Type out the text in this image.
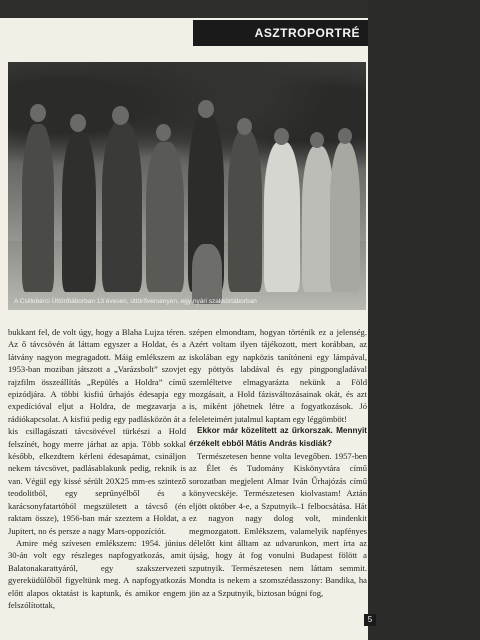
ASZTROPORTRÉ
A Csillebérci Úttörőtáborban 13 évesen, úttörőversenyen, egy nyári szakkörtáborban

bukkant fel, de volt úgy, hogy a Blaha Lujza téren. Az ő távcsövén át láttam egyszer a Holdat, és a látvány nagyon megragadott. Máig emlékszem az 1953-ban moziban játszott a „Varázsbolt” szovjet rajzfilm összeállítás „Repülés a Holdra” című epizódjára. A többi kisfiú űrhajós édesapja egy expedícióval eljut a Holdra, de megzavarja a rádiókapcsolat. A kisfiú pedig egy padlásközön át a kis csillagászati távcsövével türkészi a Hold felszínét, hogy merre járhat az apja. Több sokkal később, elkezdtem kérleni édesapámat, csináljon nekem távcsövet, padlásablakunk pedig, reknik is van. Végül egy kissé sérült 20X25 mm-es szintező teodolitból, egy seprűnyélből és a karácsonyfatartóból megszületett a távcső (én raktam össze), 1956-ban már szeztem a Holdat, a Jupitert, no és persze a nagy Mars-oppozíciót.

Amire még szívesen emlékszem: 1954. június 30-án volt egy részleges napfogyatkozás, amit Balatonakarattyáról, egy szakszervezeti gyereküdülőből figyeltünk meg. A napfogyatkozás előtt alapos oktatást is kaptunk, és amikor engem felszólítottak,

szépen elmondtam, hogyan történik ez a jelenség. Azért voltam ilyen tájékozott, mert korábban, az iskolában egy napközis tanítóneni egy lámpával, egy pöttyös labdával és egy pingpongladával szemléltetve elmagyarázta nekünk a Föld mozgásait, a Hold fázisváltozásainak okát, és azt is, miként jöhetnek létre a fogyatkozások. Jó feleleteimért jutalmul kaptam egy léggömböt!

Ekkor már közelített az űrkorszak. Mennyit érzékelt ebből Mátis András kisdiák?

Természetesen benne volta levegőben. 1957-ben az Élet és Tudomány Kiskönyvtára című sorozatban megjelent Almar Iván Űrhajózás című könyvecskéje. Természetesen kiolvastam! Aztán eljött október 4-e, a Szputnyik–1 felbocsátása. Hát ez nagyon nagy dolog volt, mindenkit megmozgatott. Emlékszem, valamelyik napfényes délelőtt kint álltam az udvarunkon, mert írta az újság, hogy át fog vonulni Budapest fölött a szputnyik. Természetesen nem láttam semmit. Mondta is nekem a szomszédasszony: Bandika, ha jön az a Szputnyik, biztosan búgni fog,

5
